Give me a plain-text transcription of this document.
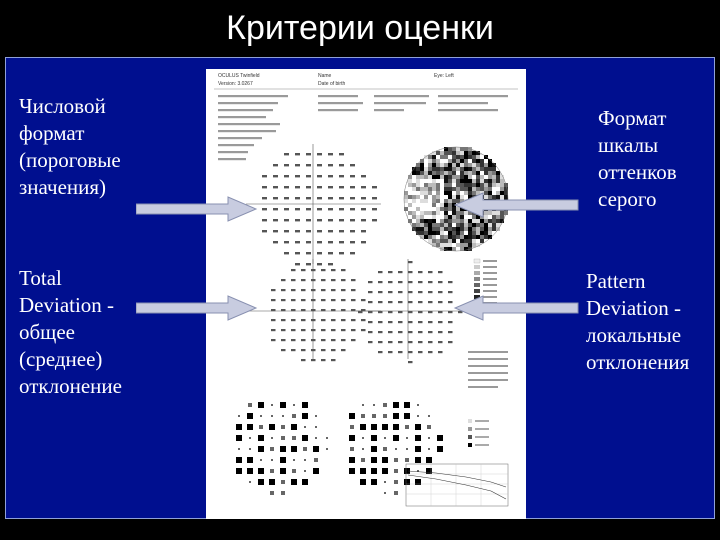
Критерии оценки
Числовой
формат
(пороговые
значения)
Формат
шкалы
оттенков
серого
Total
Deviation -
общее
(среднее)
отклонение
Pattern
Deviation -
локальные
отклонения
OCULUS Twinfield
Version: 3.0267
Name
Date of birth
Eye: Left
